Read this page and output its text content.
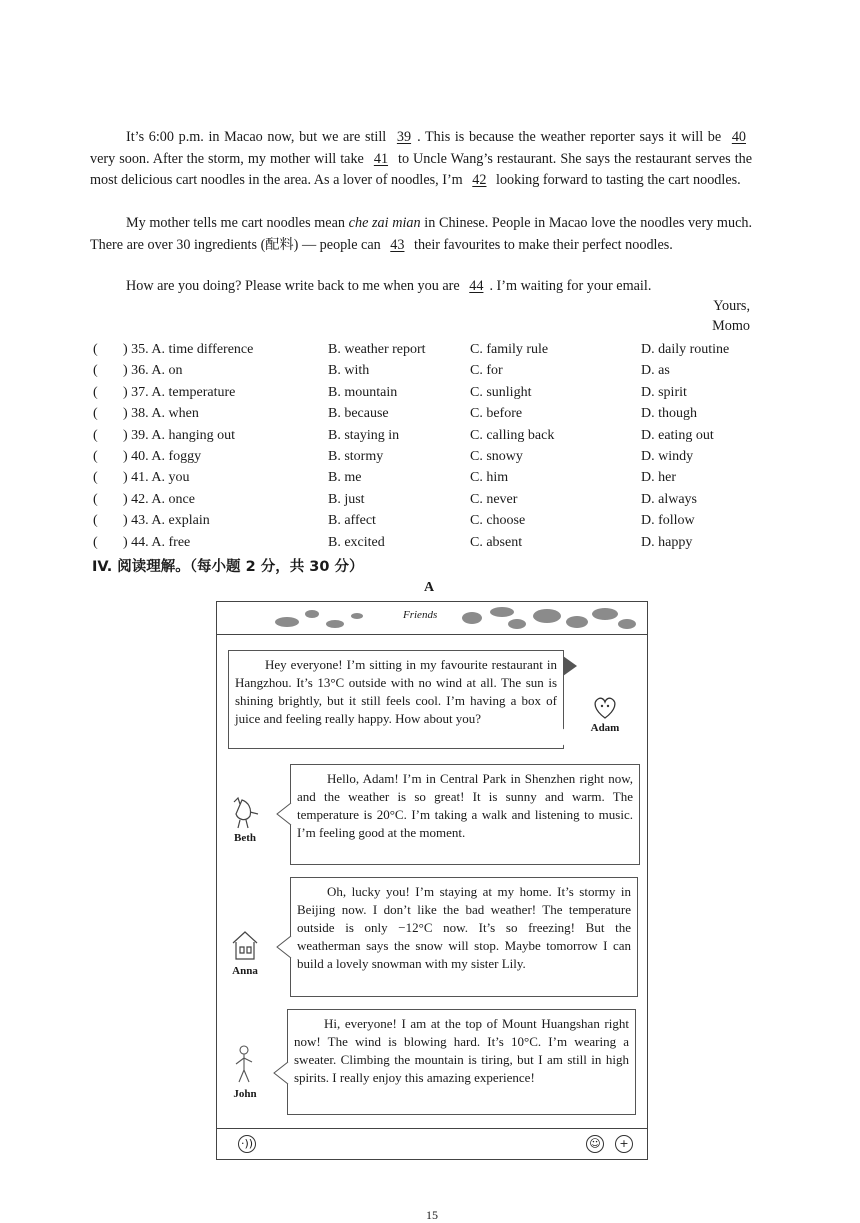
It’s 6:00 p.m. in Macao now, but we are still 39 . This is because the weather reporter says it will be 40 very soon. After the storm, my mother will take 41 to Uncle Wang’s restaurant. She says the restaurant serves the most delicious cart noodles in the area. As a lover of noodles, I’m 42 looking forward to tasting the cart noodles.
My mother tells me cart noodles mean che zai mian in Chinese. People in Macao love the noodles very much. There are over 30 ingredients (配料) — people can 43 their favourites to make their perfect noodles.
How are you doing? Please write back to me when you are 44 . I’m waiting for your email.
Yours,
Momo
( ) 35. A. time difference	B. weather report	C. family rule	D. daily routine
( ) 36. A. on	B. with	C. for	D. as
( ) 37. A. temperature	B. mountain	C. sunlight	D. spirit
( ) 38. A. when	B. because	C. before	D. though
( ) 39. A. hanging out	B. staying in	C. calling back	D. eating out
( ) 40. A. foggy	B. stormy	C. snowy	D. windy
( ) 41. A. you	B. me	C. him	D. her
( ) 42. A. once	B. just	C. never	D. always
( ) 43. A. explain	B. affect	C. choose	D. follow
( ) 44. A. free	B. excited	C. absent	D. happy
IV. 阅读理解。（每小题 2 分，共 30 分）
A
Friends
Hey everyone! I’m sitting in my favourite restaurant in Hangzhou. It’s 13°C outside with no wind at all. The sun is shining brightly, but it still feels cool. I’m having a box of juice and feeling really happy. How about you?
Adam
Beth
Hello, Adam! I’m in Central Park in Shenzhen right now, and the weather is so great! It is sunny and warm. The temperature is 20°C. I’m taking a walk and listening to music. I’m feeling good at the moment.
Anna
Oh, lucky you! I’m staying at my home. It’s stormy in Beijing now. I don’t like the bad weather! The temperature outside is only −12°C now. It’s so freezing! But the weatherman says the snow will stop. Maybe tomorrow I can build a lovely snowman with my sister Lily.
John
Hi, everyone! I am at the top of Mount Huangshan right now! The wind is blowing hard. It’s 10°C. I’m wearing a sweater. Climbing the mountain is tiring, but I am still in high spirits. I really enjoy this amazing experience!
·))	☺	+
15
